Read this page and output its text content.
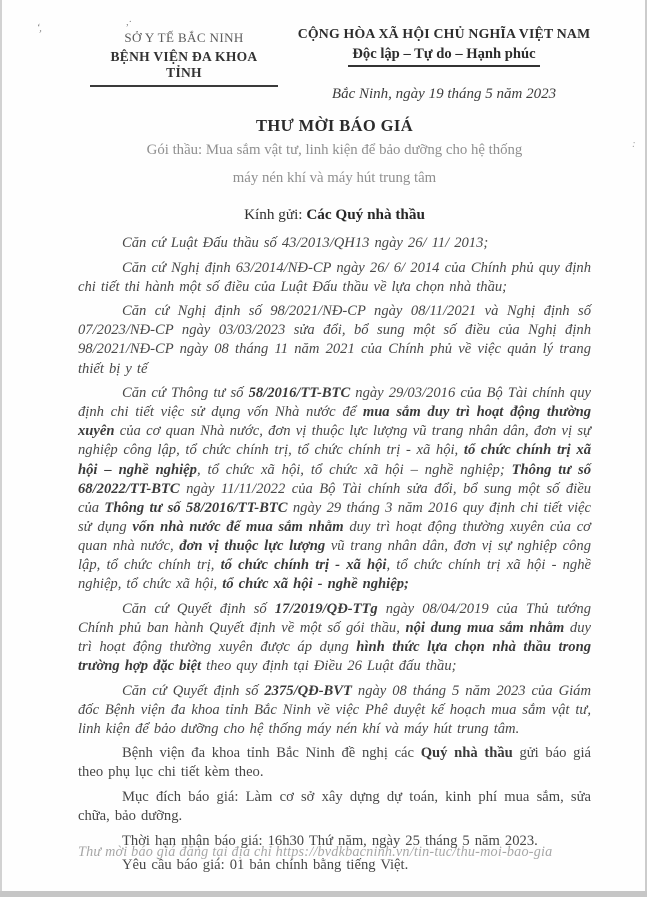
ʻ,	,·
:
SỞ Y TẾ BẮC NINH
BỆNH VIỆN ĐA KHOA TỈNH
CỘNG HÒA XÃ HỘI CHỦ NGHĨA VIỆT NAM
Độc lập – Tự do – Hạnh phúc
Bắc Ninh, ngày 19 tháng 5 năm 2023
THƯ MỜI BÁO GIÁ
Gói thầu: Mua sắm vật tư, linh kiện để bảo dưỡng cho hệ thống
máy nén khí và máy hút trung tâm
Kính gửi: Các Quý nhà thầu

Căn cứ Luật Đấu thầu số 43/2013/QH13 ngày 26/ 11/ 2013;

Căn cứ Nghị định 63/2014/NĐ-CP ngày 26/ 6/ 2014 của Chính phủ quy định chi tiết thi hành một số điều của Luật Đấu thầu về lựa chọn nhà thầu;

Căn cứ Nghị định số 98/2021/NĐ-CP ngày 08/11/2021 và Nghị định số 07/2023/NĐ-CP ngày 03/03/2023 sửa đổi, bổ sung một số điều của Nghị định 98/2021/NĐ-CP ngày 08 tháng 11 năm 2021 của Chính phủ về việc quản lý trang thiết bị y tế

Căn cứ Thông tư số 58/2016/TT-BTC ngày 29/03/2016 của Bộ Tài chính quy định chi tiết việc sử dụng vốn Nhà nước để mua sắm duy trì hoạt động thường xuyên của cơ quan Nhà nước, đơn vị thuộc lực lượng vũ trang nhân dân, đơn vị sự nghiệp công lập, tổ chức chính trị, tổ chức chính trị - xã hội, tổ chức chính trị xã hội – nghề nghiệp, tổ chức xã hội, tổ chức xã hội – nghề nghiệp; Thông tư số 68/2022/TT-BTC ngày 11/11/2022 của Bộ Tài chính sửa đổi, bổ sung một số điều của Thông tư số 58/2016/TT-BTC ngày 29 tháng 3 năm 2016 quy định chi tiết việc sử dụng vốn nhà nước để mua sắm nhằm duy trì hoạt động thường xuyên của cơ quan nhà nước, đơn vị thuộc lực lượng vũ trang nhân dân, đơn vị sự nghiệp công lập, tổ chức chính trị, tổ chức chính trị - xã hội, tổ chức chính trị xã hội - nghề nghiệp, tổ chức xã hội, tổ chức xã hội - nghề nghiệp;

Căn cứ Quyết định số 17/2019/QĐ-TTg ngày 08/04/2019 của Thủ tướng Chính phủ ban hành Quyết định về một số gói thầu, nội dung mua sắm nhằm duy trì hoạt động thường xuyên được áp dụng hình thức lựa chọn nhà thầu trong trường hợp đặc biệt theo quy định tại Điều 26 Luật đấu thầu;

Căn cứ Quyết định số 2375/QĐ-BVT ngày 08 tháng 5 năm 2023 của Giám đốc Bệnh viện đa khoa tỉnh Bắc Ninh về việc Phê duyệt kế hoạch mua sắm vật tư, linh kiện để bảo dưỡng cho hệ thống máy nén khí và máy hút trung tâm.

Bệnh viện đa khoa tỉnh Bắc Ninh đề nghị các Quý nhà thầu gửi báo giá theo phụ lục chi tiết kèm theo.

Mục đích báo giá: Làm cơ sở xây dựng dự toán, kinh phí mua sắm, sửa chữa, bảo dưỡng.

Thời hạn nhận báo giá: 16h30 Thứ năm, ngày 25 tháng 5 năm 2023.

Yêu cầu báo giá: 01 bản chính bằng tiếng Việt.

Thư mời báo giá đăng tại địa chỉ https://bvdkbacninh.vn/tin-tuc/thu-moi-bao-gia
